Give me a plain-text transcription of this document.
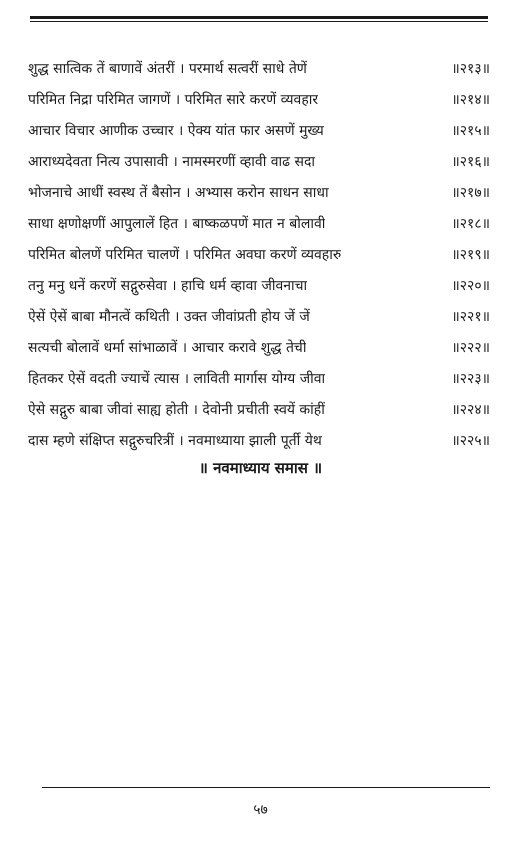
शुद्ध सात्विक तें बाणावें अंतरीं । परमार्थ सत्वरीं साधे तेणें	॥२१३॥
परिमित निद्रा परिमित जागणें । परिमित सारे करणें व्यवहार	॥२१४॥
आचार विचार आणीक उच्चार । ऐक्य यांत फार असणें मुख्य	॥२१५॥
आराध्यदेवता नित्य उपासावी । नामस्मरणीं व्हावी वाढ सदा	॥२१६॥
भोजनाचे आधीं स्वस्थ तें बैसोन । अभ्यास करोन साधन साधा	॥२१७॥
साधा क्षणोक्षणीं आपुलालें हित । बाष्कळपणें मात न बोलावी	॥२१८॥
परिमित बोलणें परिमित चालणें । परिमित अवघा करणें व्यवहारु	॥२१९॥
तनु मनु धनें करणें सद्गुरुसेवा । हाचि धर्म व्हावा जीवनाचा	॥२२०॥
ऐसें ऐसें बाबा मौनत्वें कथिती । उक्त जीवांप्रती होय जें जें	॥२२१॥
सत्यची बोलावें धर्मा सांभाळावें । आचार करावे शुद्ध तेची	॥२२२॥
हितकर ऐसें वदती ज्याचें त्यास । लाविती मार्गास योग्य जीवा	॥२२३॥
ऐसे सद्गुरु बाबा जीवां साह्य होती । देवोनी प्रचीती स्वयें कांहीं	॥२२४॥
दास म्हणे संक्षिप्त सद्गुरुचरित्रीं । नवमाध्याया झाली पूर्ती येथ	॥२२५॥
॥ नवमाध्याय समास ॥
५७
